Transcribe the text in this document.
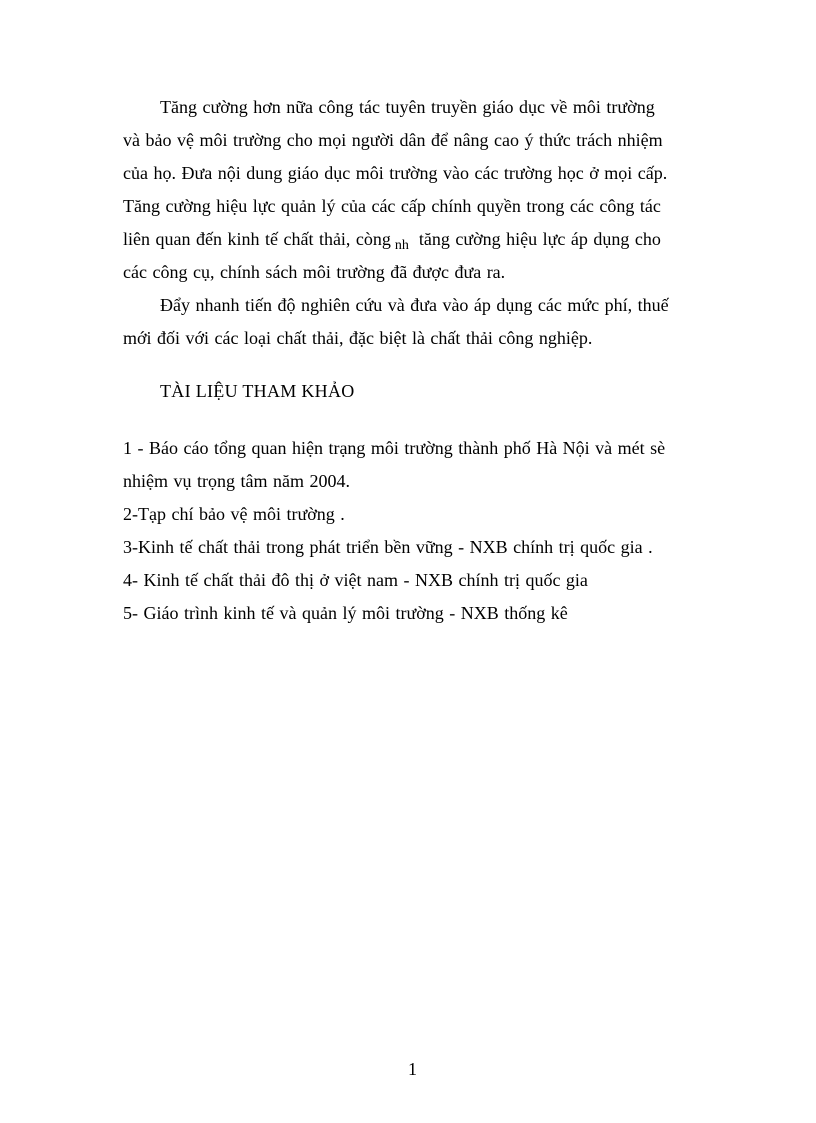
Tăng cường hơn nữa công tác tuyên truyền giáo dục về môi trường
và bảo vệ môi trường cho mọi người dân để nâng cao ý thức trách nhiệm
của họ. Đưa nội dung giáo dục môi trường vào các trường học ở mọi cấp.
Tăng cường hiệu lực quản lý của các cấp chính quyền trong các công tác
liên quan đến kinh tế chất thải, còng $_{nh}$ tăng cường hiệu lực áp dụng cho
các công cụ, chính sách môi trường đã được đưa ra.
Đẩy nhanh tiến độ nghiên cứu và đưa vào áp dụng các mức phí, thuế
mới đối với các loại chất thải, đặc biệt là chất thải công nghiệp.
TÀI LIỆU THAM KHẢO
1 - Báo cáo tổng quan hiện trạng môi trường thành phố Hà Nội và mét sè
nhiệm vụ trọng tâm năm 2004.
2-Tạp chí bảo vệ môi trường .
3-Kinh tế chất thải trong phát triển bền vững - NXB chính trị quốc gia .
4- Kinh tế chất thải đô thị ở việt nam - NXB chính trị quốc gia
5- Giáo trình kinh tế và quản lý môi trường - NXB thống kê
1
